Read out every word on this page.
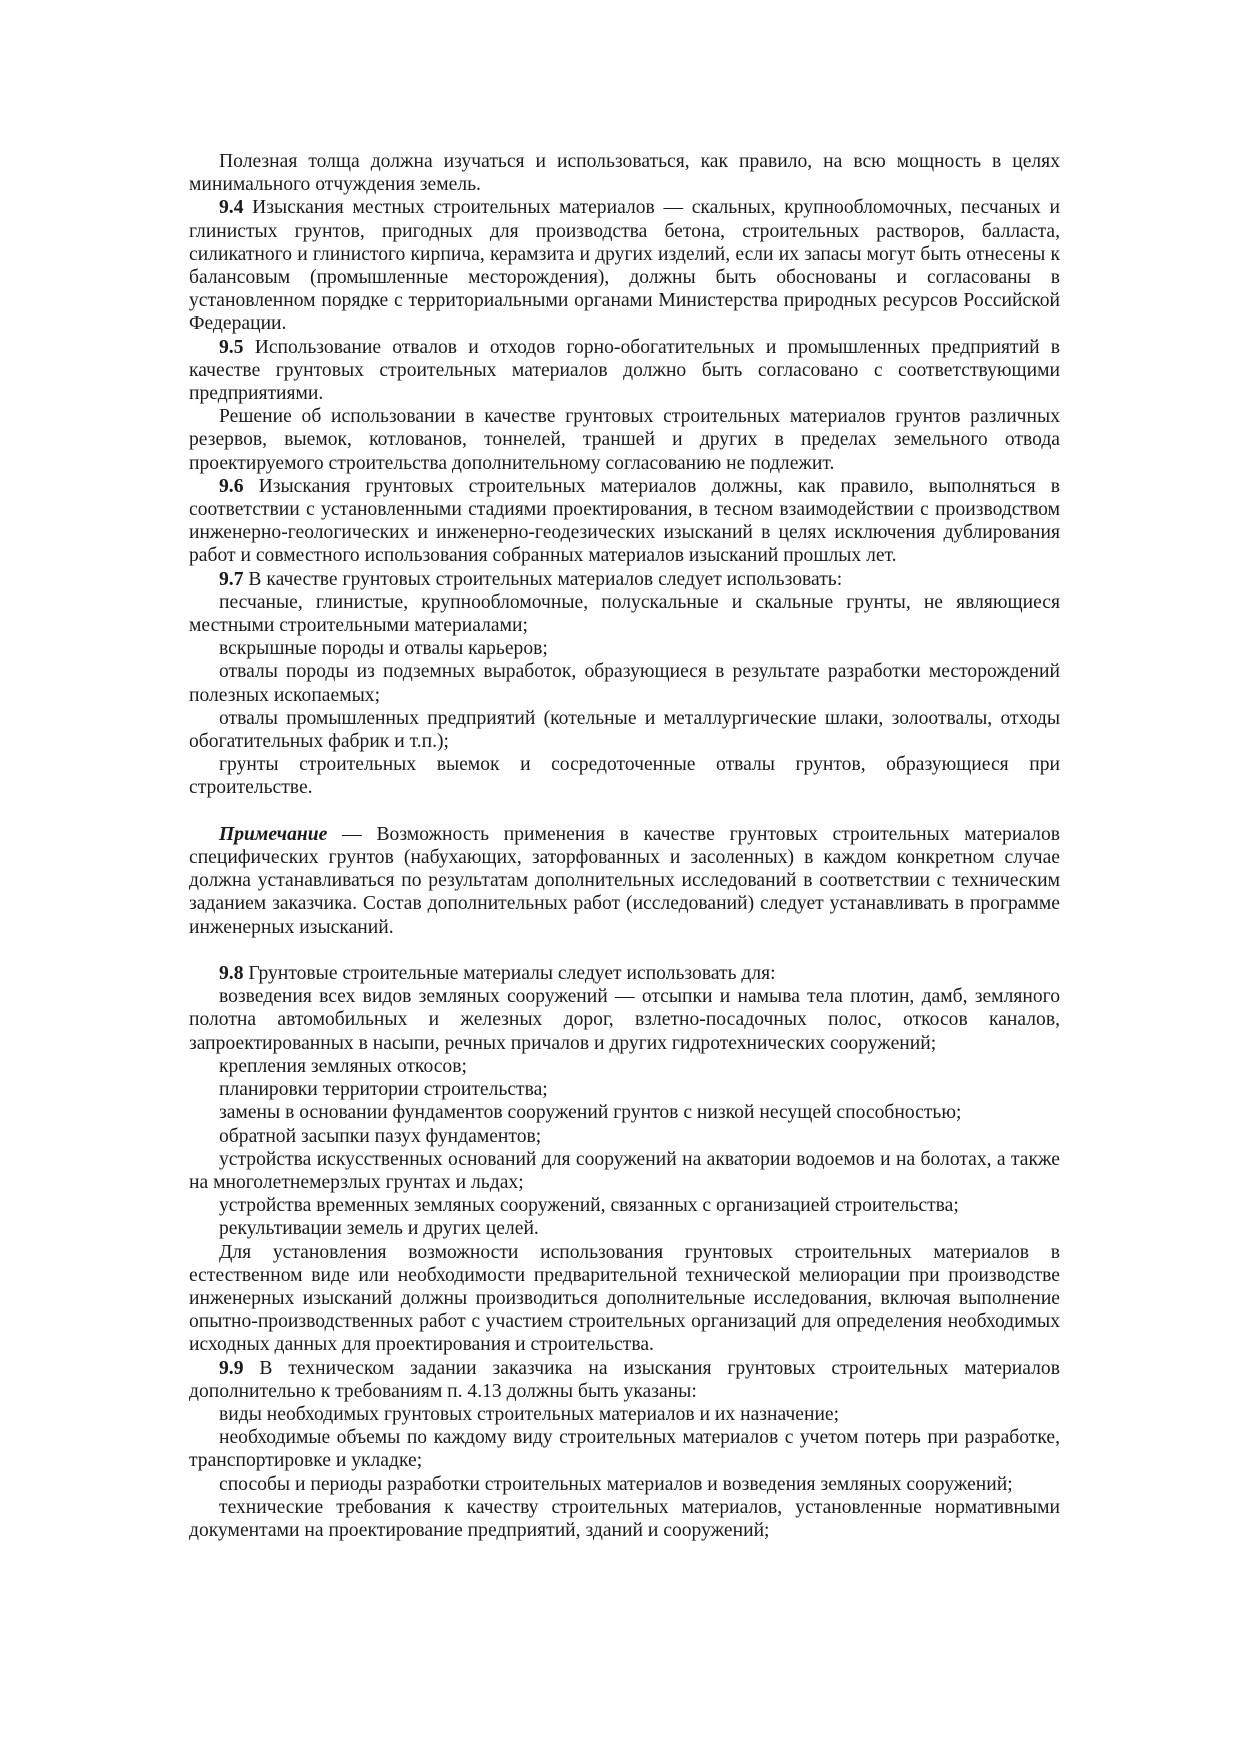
Полезная толща должна изучаться и использоваться, как правило, на всю мощность в целях минимального отчуждения земель.

9.4 Изыскания местных строительных материалов — скальных, крупнообломочных, песчаных и глинистых грунтов, пригодных для производства бетона, строительных растворов, балласта, силикатного и глинистого кирпича, керамзита и других изделий, если их запасы могут быть отнесены к балансовым (промышленные месторождения), должны быть обоснованы и согласованы в установленном порядке с территориальными органами Министерства природных ресурсов Российской Федерации.

9.5 Использование отвалов и отходов горно-обогатительных и промышленных предприятий в качестве грунтовых строительных материалов должно быть согласовано с соответствующими предприятиями.

Решение об использовании в качестве грунтовых строительных материалов грунтов различных резервов, выемок, котлованов, тоннелей, траншей и других в пределах земельного отвода проектируемого строительства дополнительному согласованию не подлежит.

9.6 Изыскания грунтовых строительных материалов должны, как правило, выполняться в соответствии с установленными стадиями проектирования, в тесном взаимодействии с производством инженерно-геологических и инженерно-геодезических изысканий в целях исключения дублирования работ и совместного использования собранных материалов изысканий прошлых лет.

9.7 В качестве грунтовых строительных материалов следует использовать:

песчаные, глинистые, крупнообломочные, полускальные и скальные грунты, не являющиеся местными строительными материалами;

вскрышные породы и отвалы карьеров;

отвалы породы из подземных выработок, образующиеся в результате разработки месторождений полезных ископаемых;

отвалы промышленных предприятий (котельные и металлургические шлаки, золоотвалы, отходы обогатительных фабрик и т.п.);

грунты строительных выемок и сосредоточенные отвалы грунтов, образующиеся при строительстве.

Примечание — Возможность применения в качестве грунтовых строительных материалов специфических грунтов (набухающих, заторфованных и засоленных) в каждом конкретном случае должна устанавливаться по результатам дополнительных исследований в соответствии с техническим заданием заказчика. Состав дополнительных работ (исследований) следует устанавливать в программе инженерных изысканий.

9.8 Грунтовые строительные материалы следует использовать для:

возведения всех видов земляных сооружений — отсыпки и намыва тела плотин, дамб, земляного полотна автомобильных и железных дорог, взлетно-посадочных полос, откосов каналов, запроектированных в насыпи, речных причалов и других гидротехнических сооружений;

крепления земляных откосов;

планировки территории строительства;

замены в основании фундаментов сооружений грунтов с низкой несущей способностью;

обратной засыпки пазух фундаментов;

устройства искусственных оснований для сооружений на акватории водоемов и на болотах, а также на многолетнемерзлых грунтах и льдах;

устройства временных земляных сооружений, связанных с организацией строительства;

рекультивации земель и других целей.

Для установления возможности использования грунтовых строительных материалов в естественном виде или необходимости предварительной технической мелиорации при производстве инженерных изысканий должны производиться дополнительные исследования, включая выполнение опытно-производственных работ с участием строительных организаций для определения необходимых исходных данных для проектирования и строительства.

9.9 В техническом задании заказчика на изыскания грунтовых строительных материалов дополнительно к требованиям п. 4.13 должны быть указаны:

виды необходимых грунтовых строительных материалов и их назначение;

необходимые объемы по каждому виду строительных материалов с учетом потерь при разработке, транспортировке и укладке;

способы и периоды разработки строительных материалов и возведения земляных сооружений;

технические требования к качеству строительных материалов, установленные нормативными документами на проектирование предприятий, зданий и сооружений;
